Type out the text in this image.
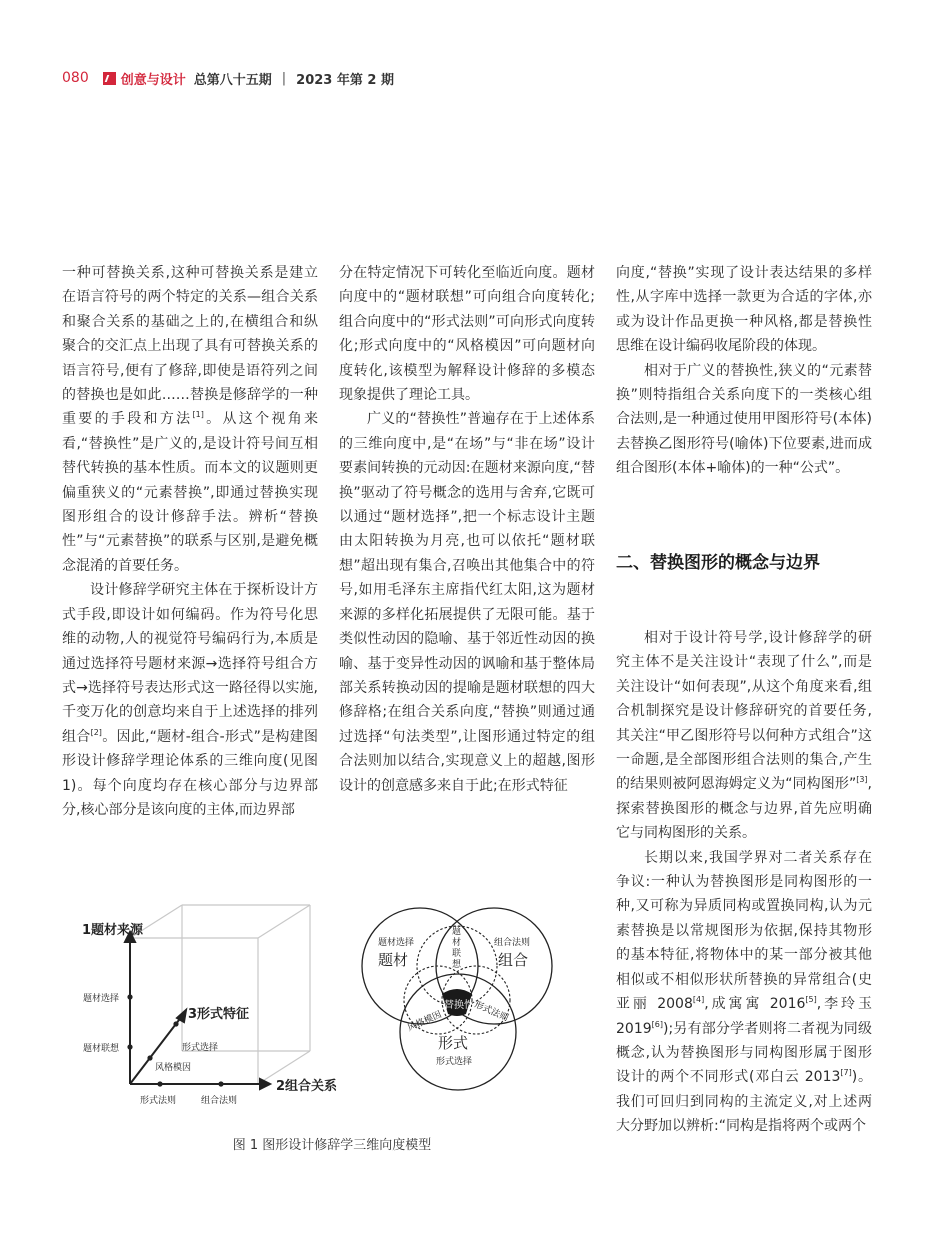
080 创意与设计 总第八十五期 | 2023 年第 2 期

一种可替换关系,这种可替换关系是建立在语言符号的两个特定的关系—组合关系和聚合关系的基础之上的,在横组合和纵聚合的交汇点上出现了具有可替换关系的语言符号,便有了修辞,即使是语符列之间的替换也是如此……替换是修辞学的一种重要的手段和方法[1]。从这个视角来看,“替换性”是广义的,是设计符号间互相替代转换的基本性质。而本文的议题则更偏重狭义的“元素替换”,即通过替换实现图形组合的设计修辞手法。辨析“替换性”与“元素替换”的联系与区别,是避免概念混淆的首要任务。

设计修辞学研究主体在于探析设计方式手段,即设计如何编码。作为符号化思维的动物,人的视觉符号编码行为,本质是通过选择符号题材来源→选择符号组合方式→选择符号表达形式这一路径得以实施,千变万化的创意均来自于上述选择的排列组合[2]。因此,“题材-组合-形式”是构建图形设计修辞学理论体系的三维向度(见图1)。每个向度均存在核心部分与边界部分,核心部分是该向度的主体,而边界部

分在特定情况下可转化至临近向度。题材向度中的“题材联想”可向组合向度转化;组合向度中的“形式法则”可向形式向度转化;形式向度中的“风格模因”可向题材向度转化,该模型为解释设计修辞的多模态现象提供了理论工具。

广义的“替换性”普遍存在于上述体系的三维向度中,是“在场”与“非在场”设计要素间转换的元动因:在题材来源向度,“替换”驱动了符号概念的选用与舍弃,它既可以通过“题材选择”,把一个标志设计主题由太阳转换为月亮,也可以依托“题材联想”超出现有集合,召唤出其他集合中的符号,如用毛泽东主席指代红太阳,这为题材来源的多样化拓展提供了无限可能。基于类似性动因的隐喻、基于邻近性动因的换喻、基于变异性动因的讽喻和基于整体局部关系转换动因的提喻是题材联想的四大修辞格;在组合关系向度,“替换”则通过通过选择“句法类型”,让图形通过特定的组合法则加以结合,实现意义上的超越,图形设计的创意感多来自于此;在形式特征

向度,“替换”实现了设计表达结果的多样性,从字库中选择一款更为合适的字体,亦或为设计作品更换一种风格,都是替换性思维在设计编码收尾阶段的体现。

相对于广义的替换性,狭义的“元素替换”则特指组合关系向度下的一类核心组合法则,是一种通过使用甲图形符号(本体)去替换乙图形符号(喻体)下位要素,进而成组合图形(本体+喻体)的一种“公式”。

二、替换图形的概念与边界

相对于设计符号学,设计修辞学的研究主体不是关注设计“表现了什么”,而是关注设计“如何表现”,从这个角度来看,组合机制探究是设计修辞研究的首要任务,其关注“甲乙图形符号以何种方式组合”这一命题,是全部图形组合法则的集合,产生的结果则被阿恩海姆定义为“同构图形”[3],探索替换图形的概念与边界,首先应明确它与同构图形的关系。

长期以来,我国学界对二者关系存在争议:一种认为替换图形是同构图形的一种,又可称为异质同构或置换同构,认为元素替换是以常规图形为依据,保持其物形的基本特征,将物体中的某一部分被其他相似或不相似形状所替换的异常组合(史亚丽 2008[4],成寓寓 2016[5],李玲玉 2019[6]);另有部分学者则将二者视为同级概念,认为替换图形与同构图形属于图形设计的两个不同形式(邓白云 2013[7])。我们可回归到同构的主流定义,对上述两大分野加以辨析:“同构是指将两个或两个

1题材来源
2组合关系
3形式特征
题材选择
题材联想
形式法则	组合法则
风格模因
形式选择
题材选择
题材
组合法则
组合
形式
形式选择
题
材
联
想
风格模因	形式法则
替换性
图 1 图形设计修辞学三维向度模型
